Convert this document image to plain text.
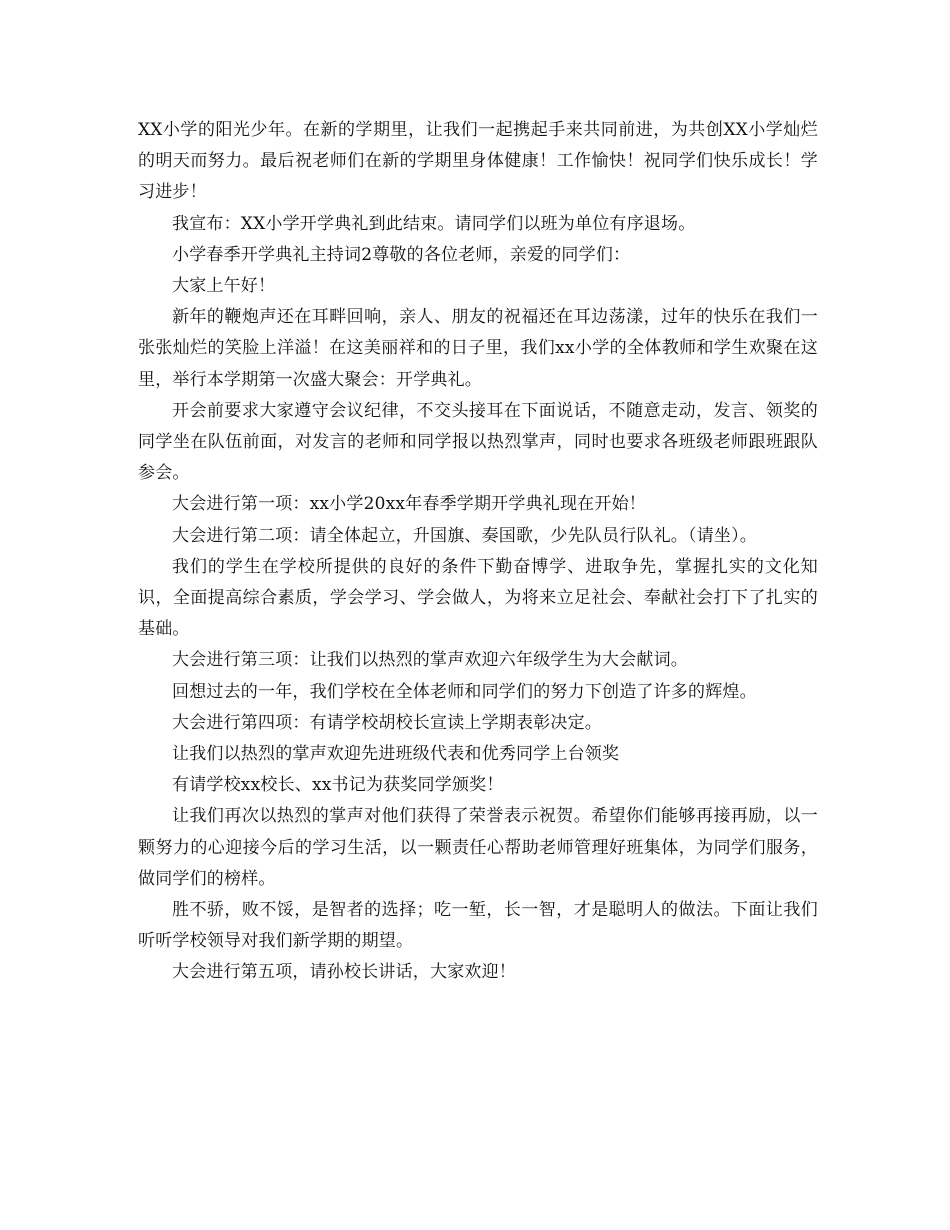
XX小学的阳光少年。在新的学期里，让我们一起携起手来共同前进，为共创XX小学灿烂的明天而努力。最后祝老师们在新的学期里身体健康！工作愉快！祝同学们快乐成长！学习进步！

我宣布：XX小学开学典礼到此结束。请同学们以班为单位有序退场。

小学春季开学典礼主持词2尊敬的各位老师，亲爱的同学们：

大家上午好！

新年的鞭炮声还在耳畔回响，亲人、朋友的祝福还在耳边荡漾，过年的快乐在我们一张张灿烂的笑脸上洋溢！在这美丽祥和的日子里，我们xx小学的全体教师和学生欢聚在这里，举行本学期第一次盛大聚会：开学典礼。

开会前要求大家遵守会议纪律，不交头接耳在下面说话，不随意走动，发言、领奖的同学坐在队伍前面，对发言的老师和同学报以热烈掌声，同时也要求各班级老师跟班跟队参会。

大会进行第一项：xx小学20xx年春季学期开学典礼现在开始！

大会进行第二项：请全体起立，升国旗、奏国歌，少先队员行队礼。（请坐）。

我们的学生在学校所提供的良好的条件下勤奋博学、进取争先，掌握扎实的文化知识，全面提高综合素质，学会学习、学会做人，为将来立足社会、奉献社会打下了扎实的基础。

大会进行第三项：让我们以热烈的掌声欢迎六年级学生为大会献词。

回想过去的一年，我们学校在全体老师和同学们的努力下创造了许多的辉煌。

大会进行第四项：有请学校胡校长宣读上学期表彰决定。

让我们以热烈的掌声欢迎先进班级代表和优秀同学上台领奖

有请学校xx校长、xx书记为获奖同学颁奖！

让我们再次以热烈的掌声对他们获得了荣誉表示祝贺。希望你们能够再接再励，以一颗努力的心迎接今后的学习生活，以一颗责任心帮助老师管理好班集体，为同学们服务，做同学们的榜样。

胜不骄，败不馁，是智者的选择；吃一堑，长一智，才是聪明人的做法。下面让我们听听学校领导对我们新学期的期望。

大会进行第五项，请孙校长讲话，大家欢迎！
